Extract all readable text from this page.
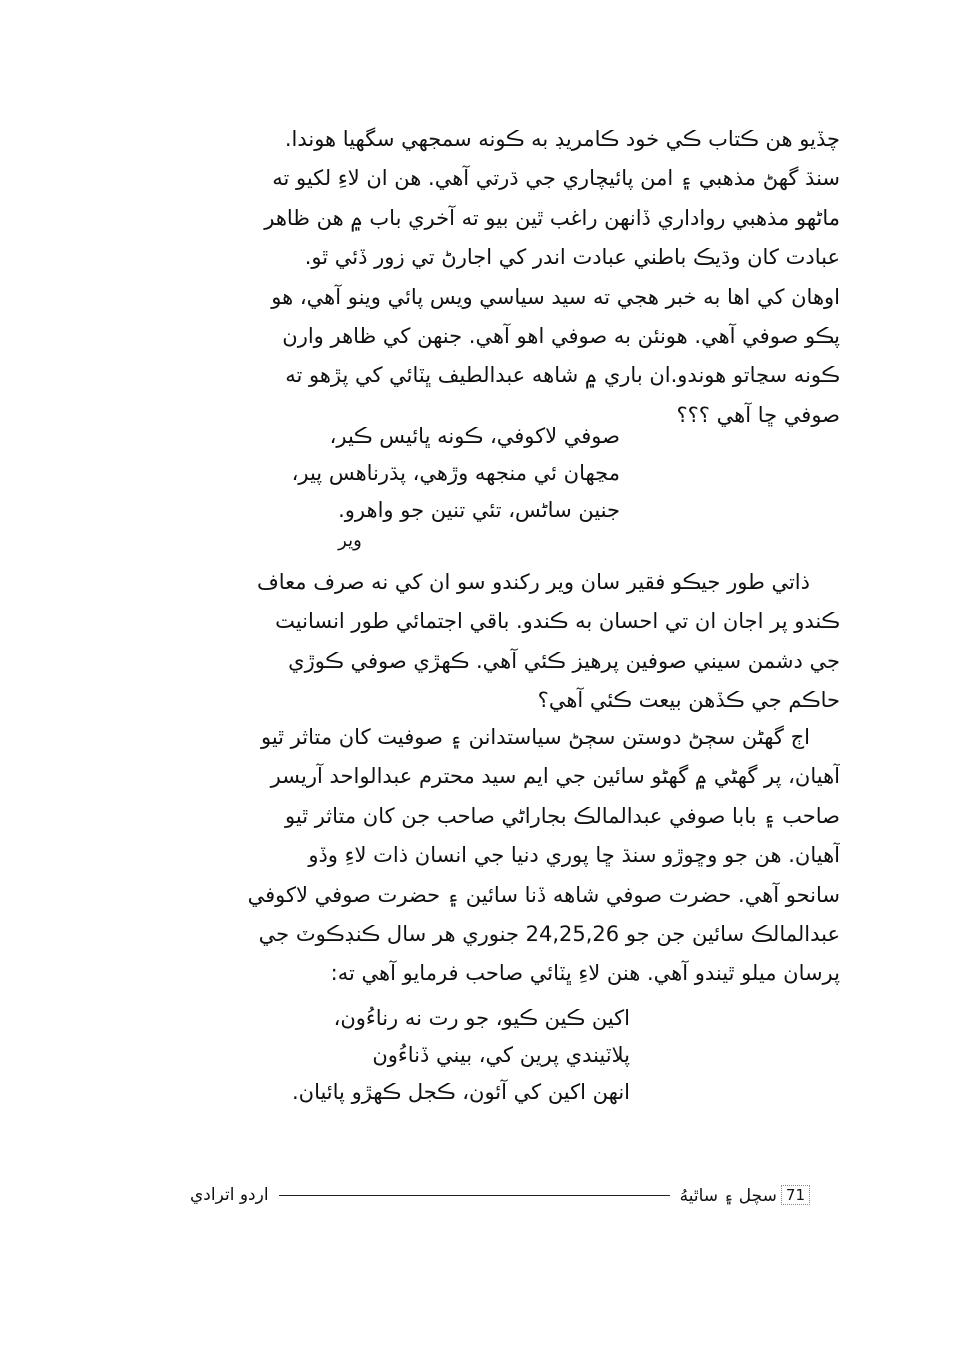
چڏيو هن ڪتاب ڪي خود ڪامريڊ به ڪونه سمجهي سگهيا هوندا.
سنڌ گهڻ مذهبي ۽ امن پائيچاري جي ڌرتي آهي. هن ان لاءِ لکيو ته
ماڻهو مذهبي رواداري ڏانهن راغب ٿين بيو ته آخري باب ۾ هن ظاهر
عبادت کان وڌيڪ باطني عبادت اندر کي اجارڻ تي زور ڏئي ٿو.
اوهان کي اها به خبر هجي ته سيد سياسي ويس پائي وينو آهي، هو
پڪو صوفي آهي. هونئن به صوفي اهو آهي. جنهن کي ظاهر وارن
ڪونه سڃاتو هوندو.ان باري ۾ شاهه عبدالطيف ڀٽائي کي پڙهو ته
صوفي ڇا آهي ؟؟؟
صوفي لاکوفي، ڪونه ڀائيس ڪير،
مڃهان ئي منجهه وڙهي، پڌرناهس پير،
جنين ساڻس، تئي تنين جو واهرو.
وير
ذاتي طور جيڪو فقير سان وير رکندو سو ان کي نه صرف معاف
ڪندو پر اجان ان تي احسان به ڪندو. باقي اجتمائي طور انسانيت
جي دشمن سيني صوفين پرهيز ڪئي آهي. ڪهڙي صوفي ڪوڙي
حاڪم جي ڪڏهن بيعت ڪئي آهي؟
اڄ گهڻن سڄڻ دوستن سڄڻ سياستدانن ۽ صوفيت کان متاثر ٿيو
آهيان، پر گهڻي ۾ گهڻو سائين جي ايم سيد محترم عبدالواحد آريسر
صاحب ۽ بابا صوفي عبدالمالڪ بجاراڻي صاحب جن کان متاثر ٿيو
آهيان. هن جو وڇوڙو سنڌ ڇا پوري دنيا جي انسان ذات لاءِ وڏو
سانحو آهي. حضرت صوفي شاهه ڏنا سائين ۽ حضرت صوفي لاکوفي
عبدالمالڪ سائين جن جو 24,25,26 جنوري هر سال ڪنڊڪوٽ جي
پرسان ميلو ٿيندو آهي. هنن لاءِ ڀٽائي صاحب فرمايو آهي ته:
اکين ڪين ڪيو، جو رت نه رناءُون،
پلاٽيندي پرين کي، بيني ڏناءُون
انهن اکين کي آئون، ڪجل ڪهڙو پائيان.
71
سچل ۽ ساٿيهُ
اردو اترادي
